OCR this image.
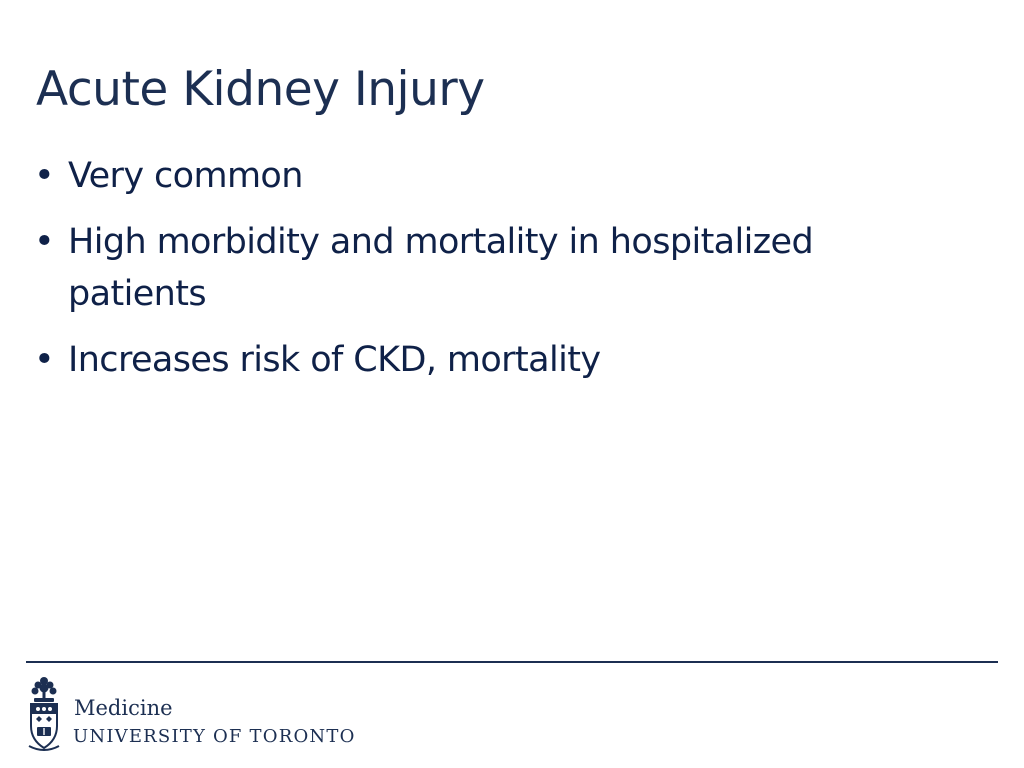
Acute Kidney Injury
• Very common
• High morbidity and mortality in hospitalized patients
• Increases risk of CKD, mortality
Medicine
UNIVERSITY OF TORONTO
